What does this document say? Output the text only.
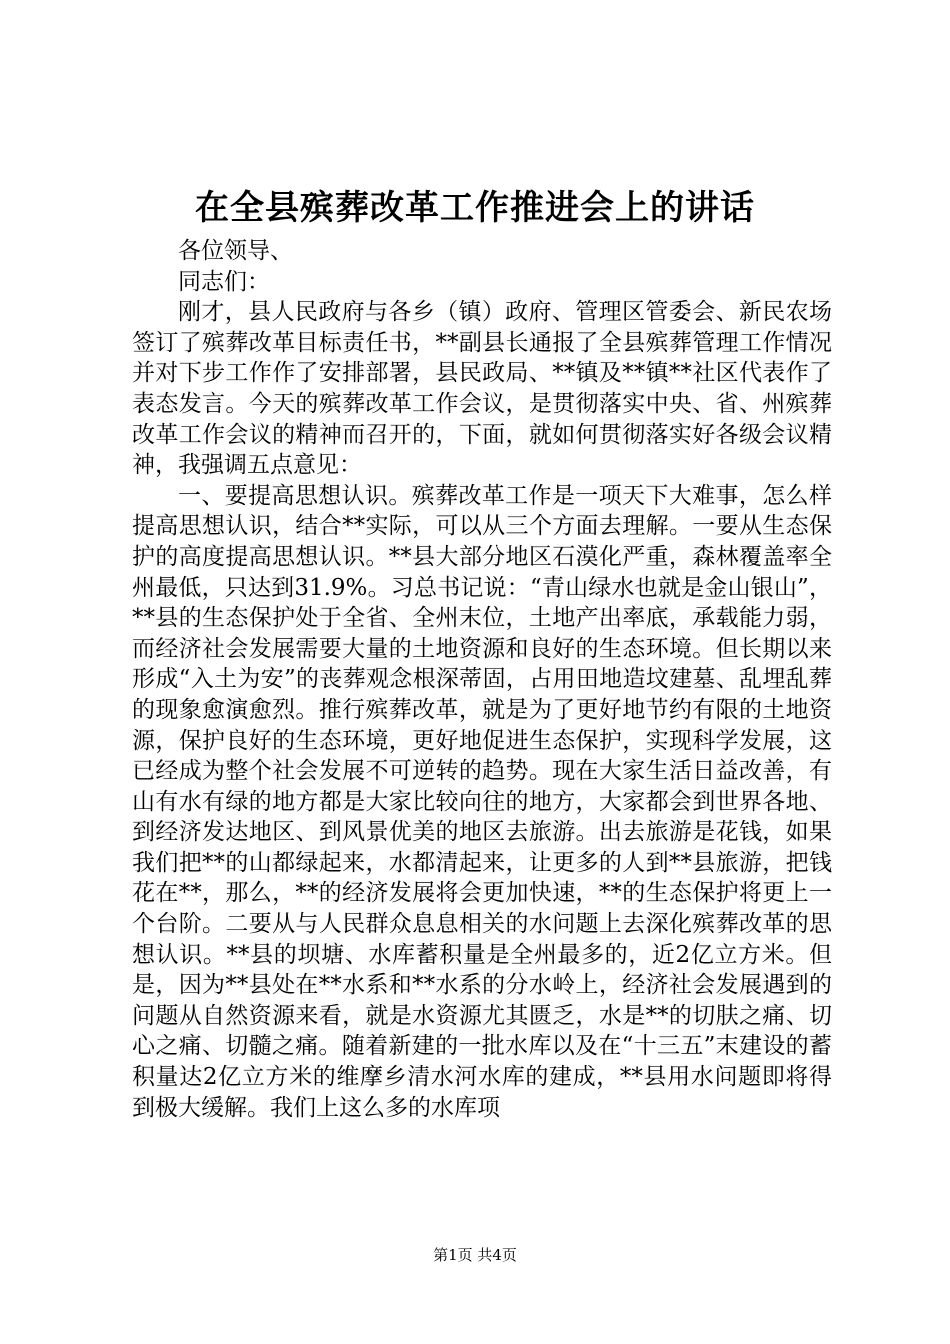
在全县殡葬改革工作推进会上的讲话

各位领导、

同志们：

刚才，县人民政府与各乡（镇）政府、管理区管委会、新民农场签订了殡葬改革目标责任书，**副县长通报了全县殡葬管理工作情况并对下步工作作了安排部署，县民政局、**镇及**镇**社区代表作了表态发言。今天的殡葬改革工作会议，是贯彻落实中央、省、州殡葬改革工作会议的精神而召开的，下面，就如何贯彻落实好各级会议精神，我强调五点意见：

一、要提高思想认识。殡葬改革工作是一项天下大难事，怎么样提高思想认识，结合**实际，可以从三个方面去理解。一要从生态保护的高度提高思想认识。**县大部分地区石漠化严重，森林覆盖率全州最低，只达到31.9%。习总书记说：“青山绿水也就是金山银山”，**县的生态保护处于全省、全州末位，土地产出率底，承载能力弱，而经济社会发展需要大量的土地资源和良好的生态环境。但长期以来形成“入土为安”的丧葬观念根深蒂固，占用田地造坟建墓、乱埋乱葬的现象愈演愈烈。推行殡葬改革，就是为了更好地节约有限的土地资源，保护良好的生态环境，更好地促进生态保护，实现科学发展，这已经成为整个社会发展不可逆转的趋势。现在大家生活日益改善，有山有水有绿的地方都是大家比较向往的地方，大家都会到世界各地、到经济发达地区、到风景优美的地区去旅游。出去旅游是花钱，如果我们把**的山都绿起来，水都清起来，让更多的人到**县旅游，把钱花在**，那么，**的经济发展将会更加快速，**的生态保护将更上一个台阶。二要从与人民群众息息相关的水问题上去深化殡葬改革的思想认识。**县的坝塘、水库蓄积量是全州最多的，近2亿立方米。但是，因为**县处在**水系和**水系的分水岭上，经济社会发展遇到的问题从自然资源来看，就是水资源尤其匮乏，水是**的切肤之痛、切心之痛、切髓之痛。随着新建的一批水库以及在“十三五”末建设的蓄积量达2亿立方米的维摩乡清水河水库的建成，**县用水问题即将得到极大缓解。我们上这么多的水库项

第1页 共4页
